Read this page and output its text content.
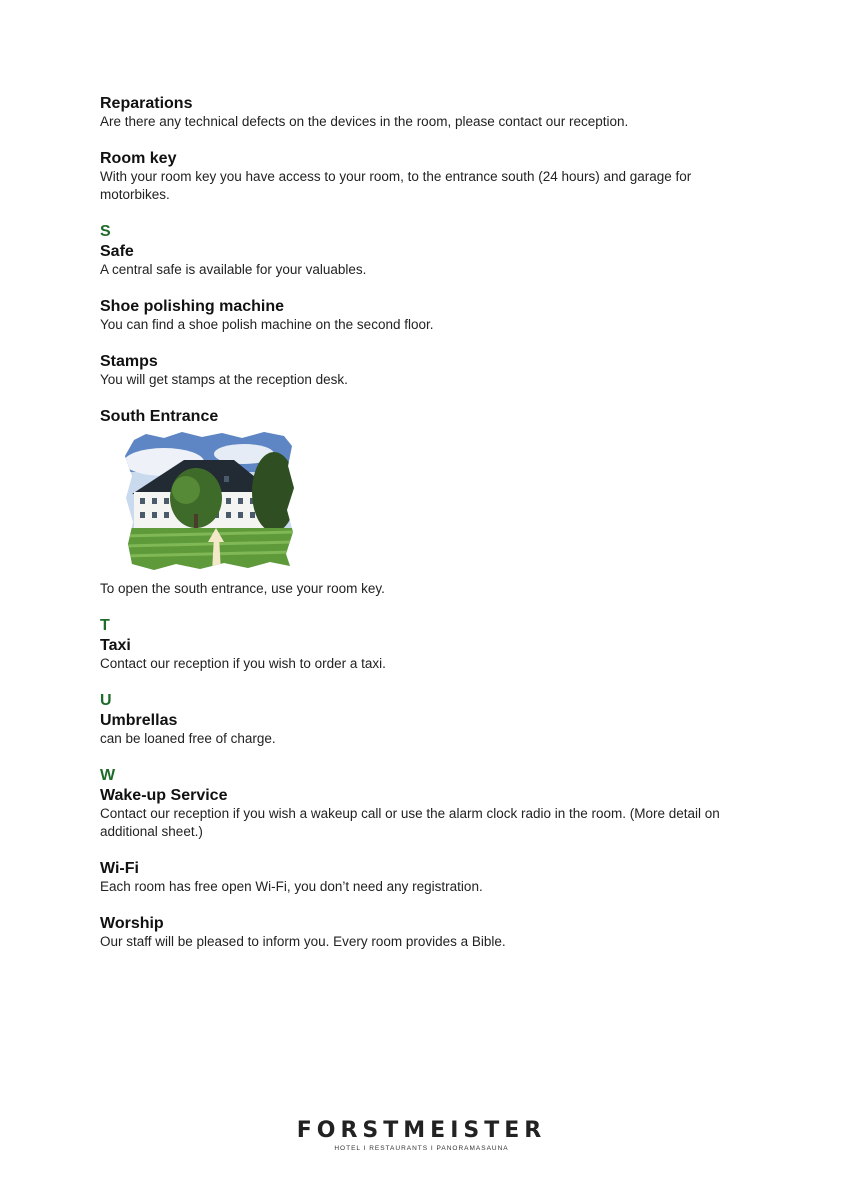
Reparations

Are there any technical defects on the devices in the room, please contact our reception.

Room key

With your room key you have access to your room, to the entrance south (24 hours) and garage for motorbikes.

S
Safe

A central safe is available for your valuables.

Shoe polishing machine

You can find a shoe polish machine on the second floor.

Stamps

You will get stamps at the reception desk.

South Entrance

To open the south entrance, use your room key.

T
Taxi

Contact our reception if you wish to order a taxi.

U
Umbrellas

can be loaned free of charge.

W
Wake-up Service

Contact our reception if you wish a wakeup call or use the alarm clock radio in the room. (More detail on additional sheet.)

Wi-Fi

Each room has free open Wi-Fi, you don’t need any registration.

Worship

Our staff will be pleased to inform you. Every room provides a Bible.

FORSTMEISTER
HOTEL I RESTAURANTS I PANORAMASAUNA
